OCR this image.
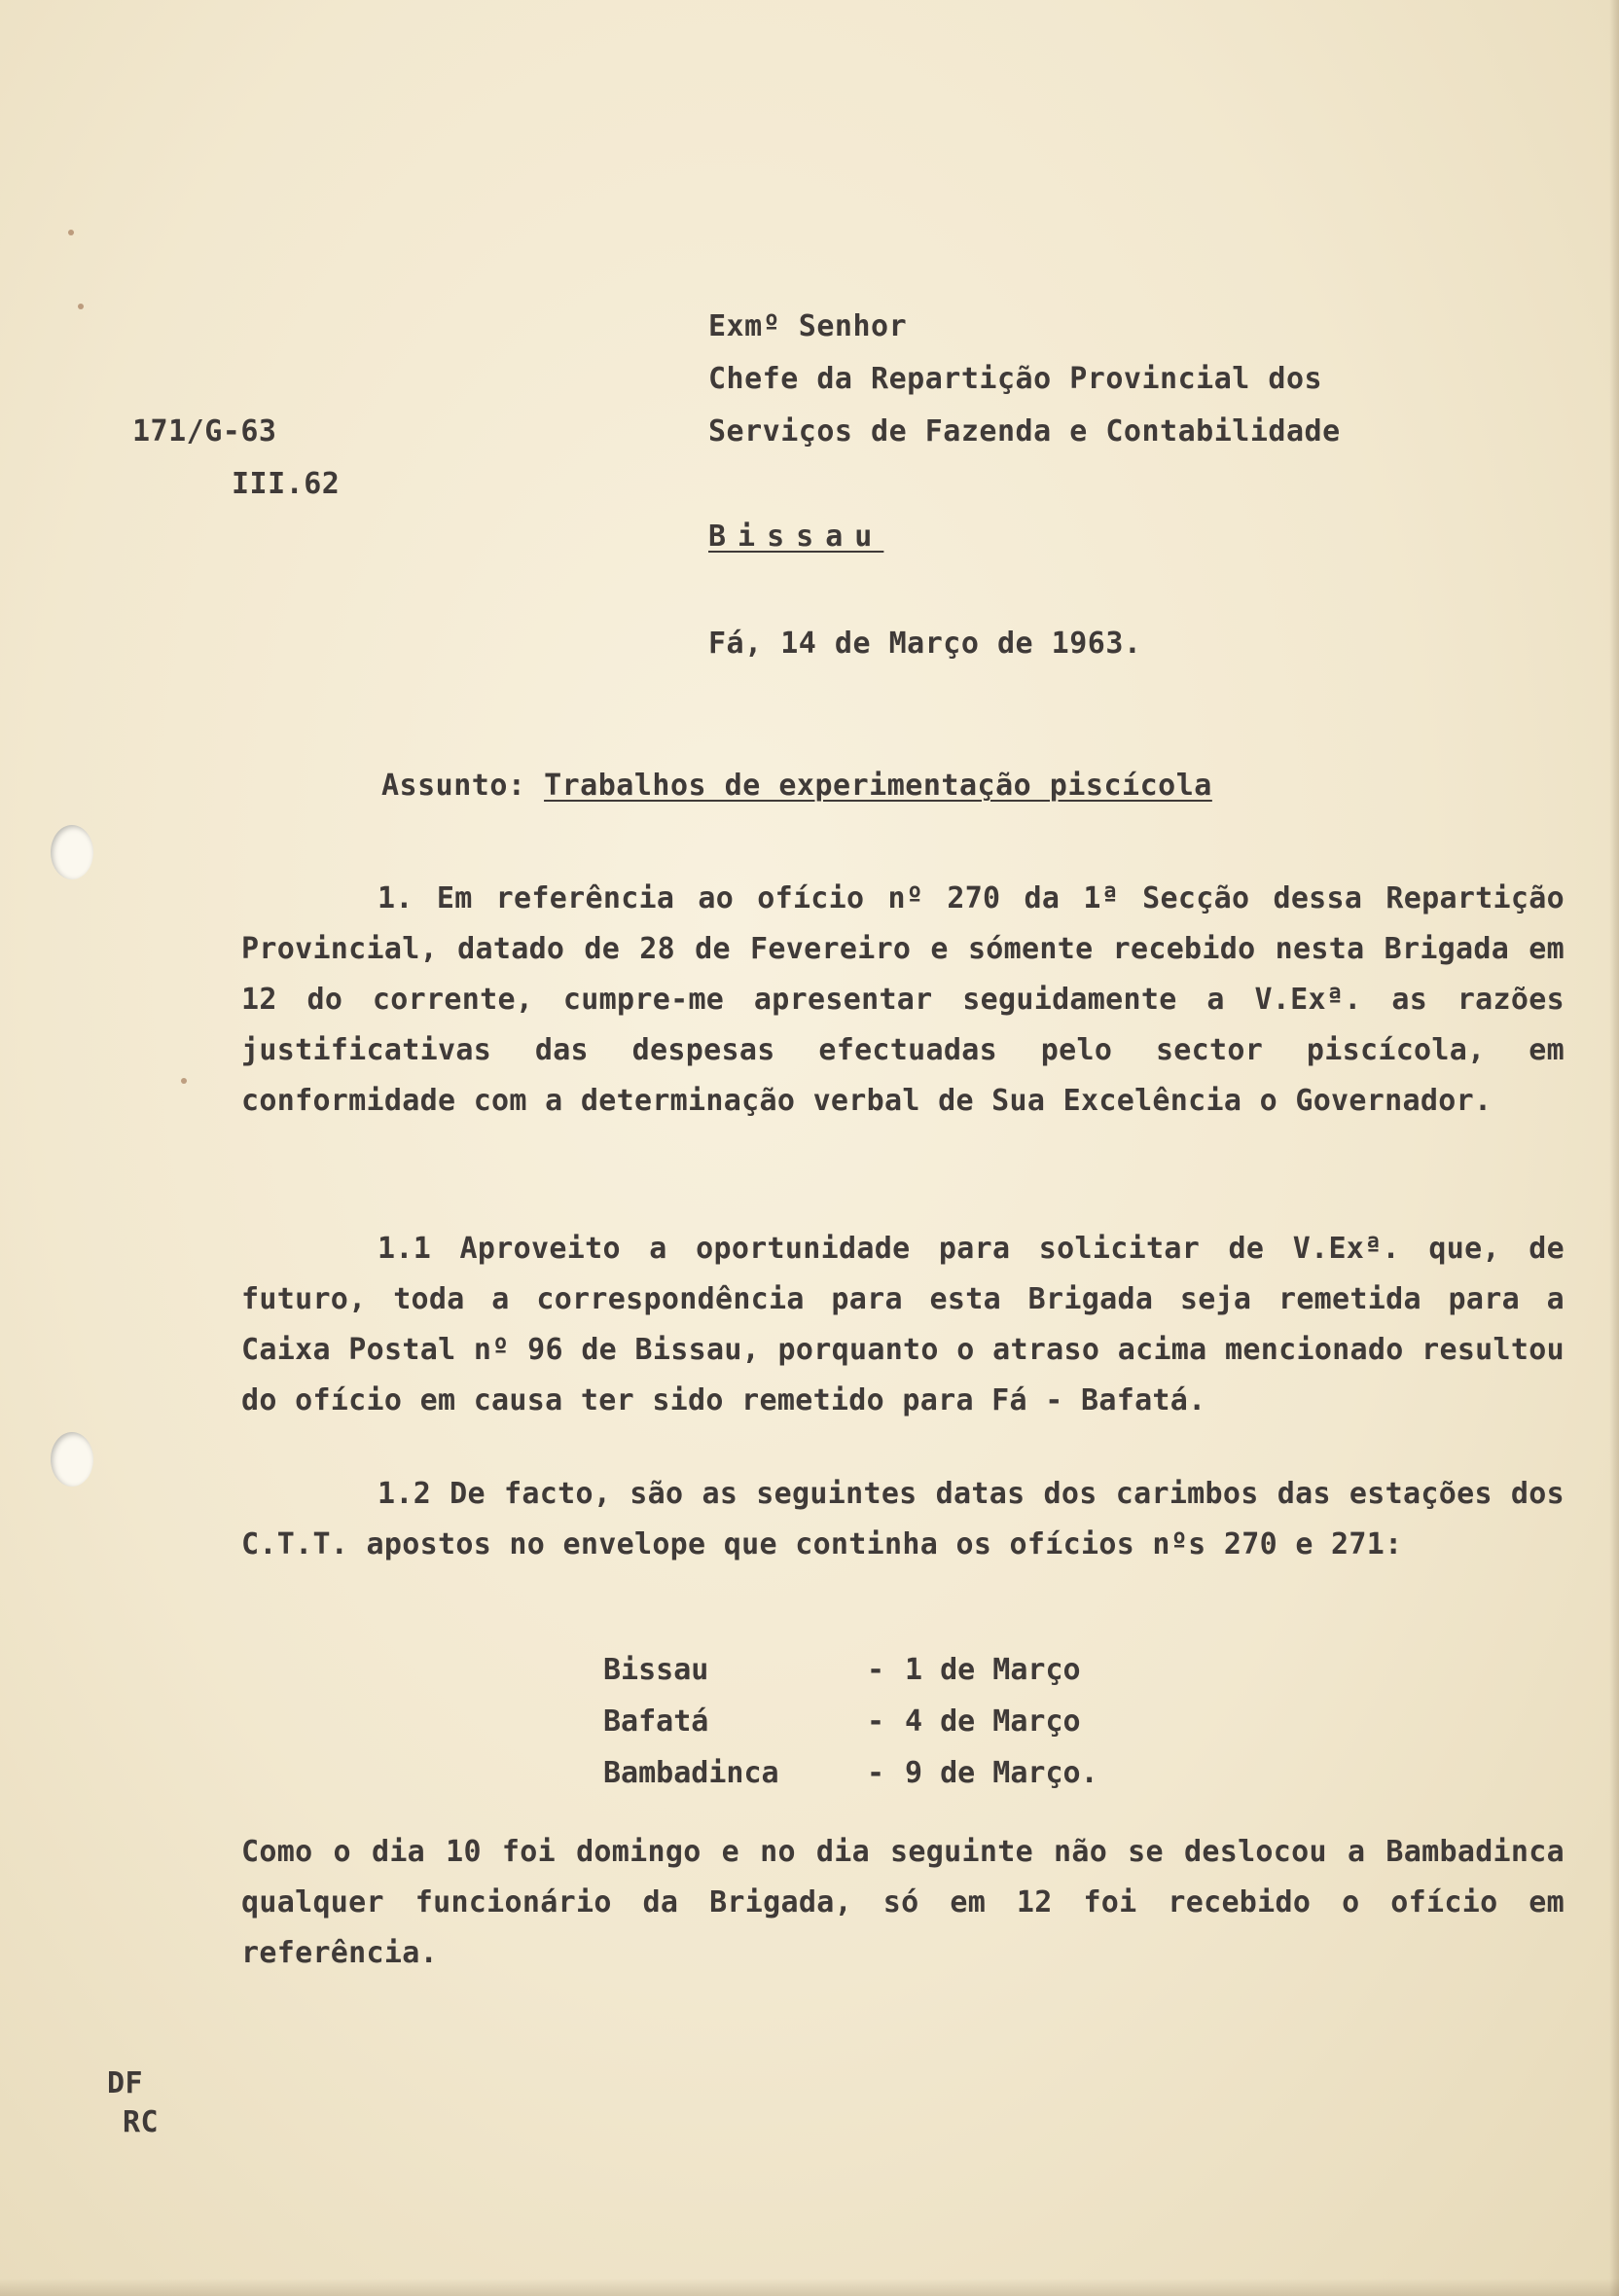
Exmº Senhor

Chefe da Repartição Provincial dos

Serviços de Fazenda e Contabilidade

Bissau

171/G-63

III.62

Fá, 14 de Março de 1963.

Assunto: Trabalhos de experimentação piscícola

1. Em referência ao ofício nº 270 da 1ª Secção dessa Repartição Provincial, datado de 28 de Fevereiro e sómente recebido nesta Brigada em 12 do corrente, cumpre-me apresentar seguidamente a V.Exª. as razões justificativas das despesas efectuadas pelo sector piscícola, em conformidade com a determinação verbal de Sua Excelência o Governador.

1.1 Aproveito a oportunidade para solicitar de V.Exª. que, de futuro, toda a correspondência para esta Brigada seja remetida para a Caixa Postal nº 96 de Bissau, porquanto o atraso acima mencionado resultou do ofício em causa ter sido remetido para Fá - Bafatá.

1.2 De facto, são as seguintes datas dos carimbos das estações dos C.T.T. apostos no envelope que continha os ofícios nºs 270 e 271:

Bissau	-	1 de Março
Bafatá	-	4 de Março
Bambadinca	-	9 de Março.

Como o dia 10 foi domingo e no dia seguinte não se deslocou a Bambadinca qualquer funcionário da Brigada, só em 12 foi recebido o ofício em referência.

DF

RC
